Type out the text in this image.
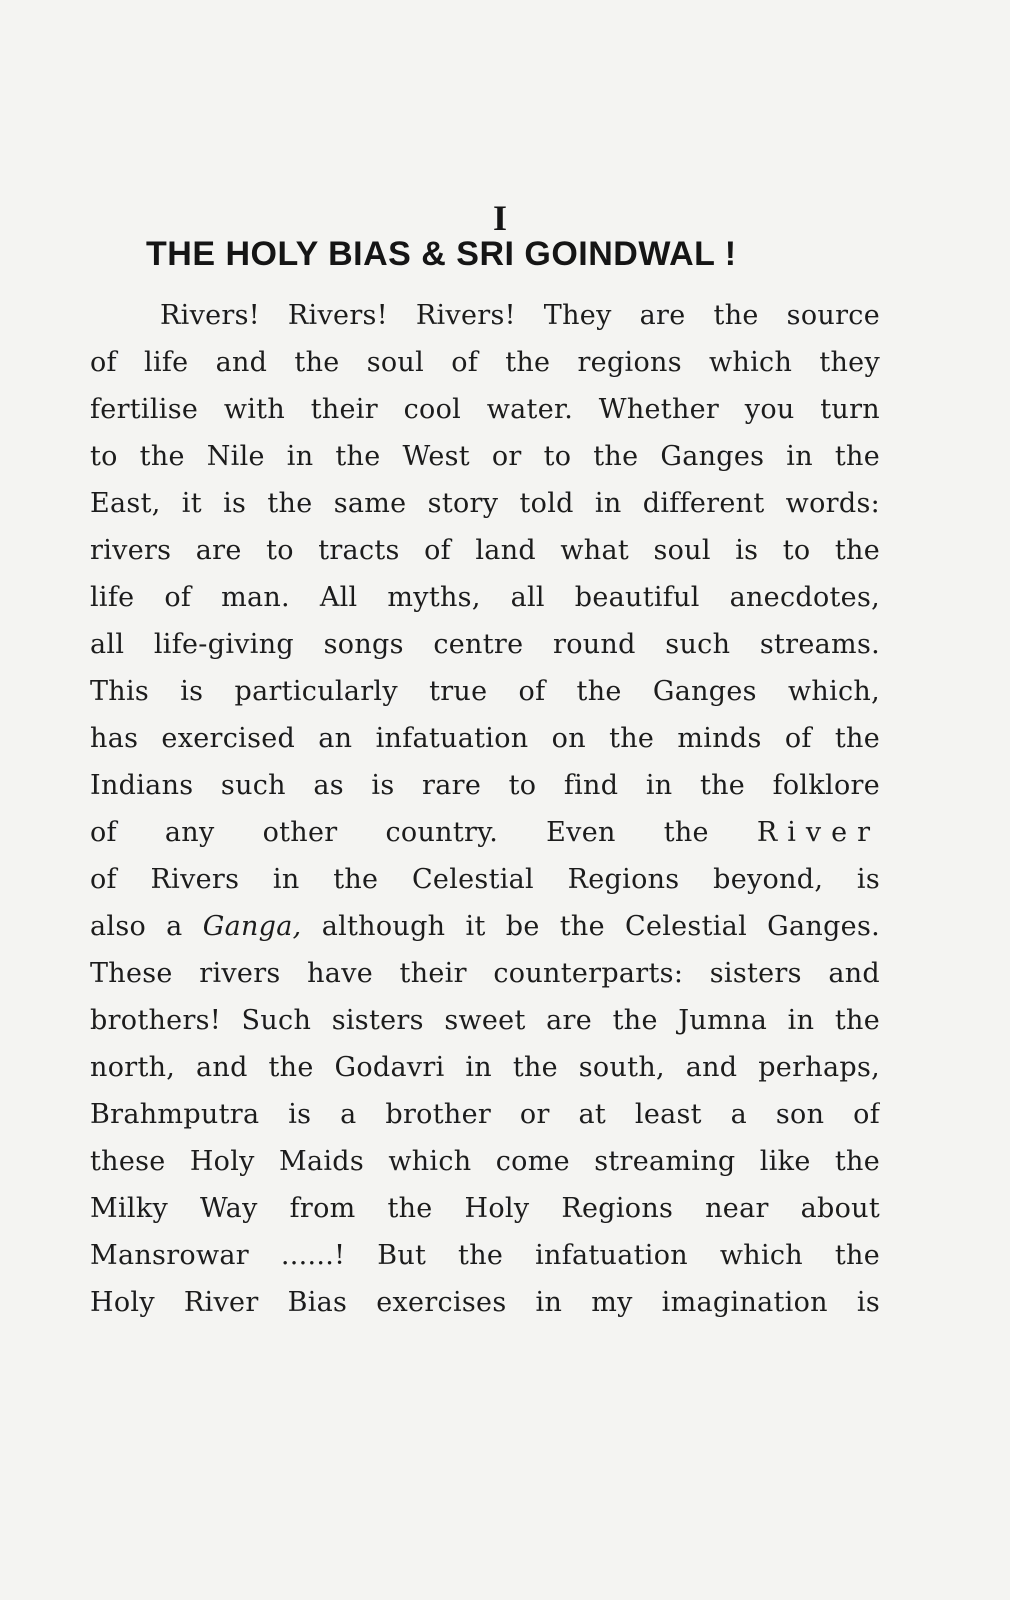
I
THE HOLY BIAS & SRI GOINDWAL !
Rivers! Rivers! Rivers! They are the source
of life and the soul of the regions which they
fertilise with their cool water. Whether you turn
to the Nile in the West or to the Ganges in the
East, it is the same story told in different words:
rivers are to tracts of land what soul is to the
life of man. All myths, all beautiful anecdotes,
all life-giving songs centre round such streams.
This is particularly true of the Ganges which,
has exercised an infatuation on the minds of the
Indians such as is rare to find in the folklore
of any other country. Even the River
of Rivers in the Celestial Regions beyond, is
also a Ganga, although it be the Celestial Ganges.
These rivers have their counterparts: sisters and
brothers! Such sisters sweet are the Jumna in the
north, and the Godavri in the south, and perhaps,
Brahmputra is a brother or at least a son of
these Holy Maids which come streaming like the
Milky Way from the Holy Regions near about
Mansrowar ......! But the infatuation which the
Holy River Bias exercises in my imagination is
